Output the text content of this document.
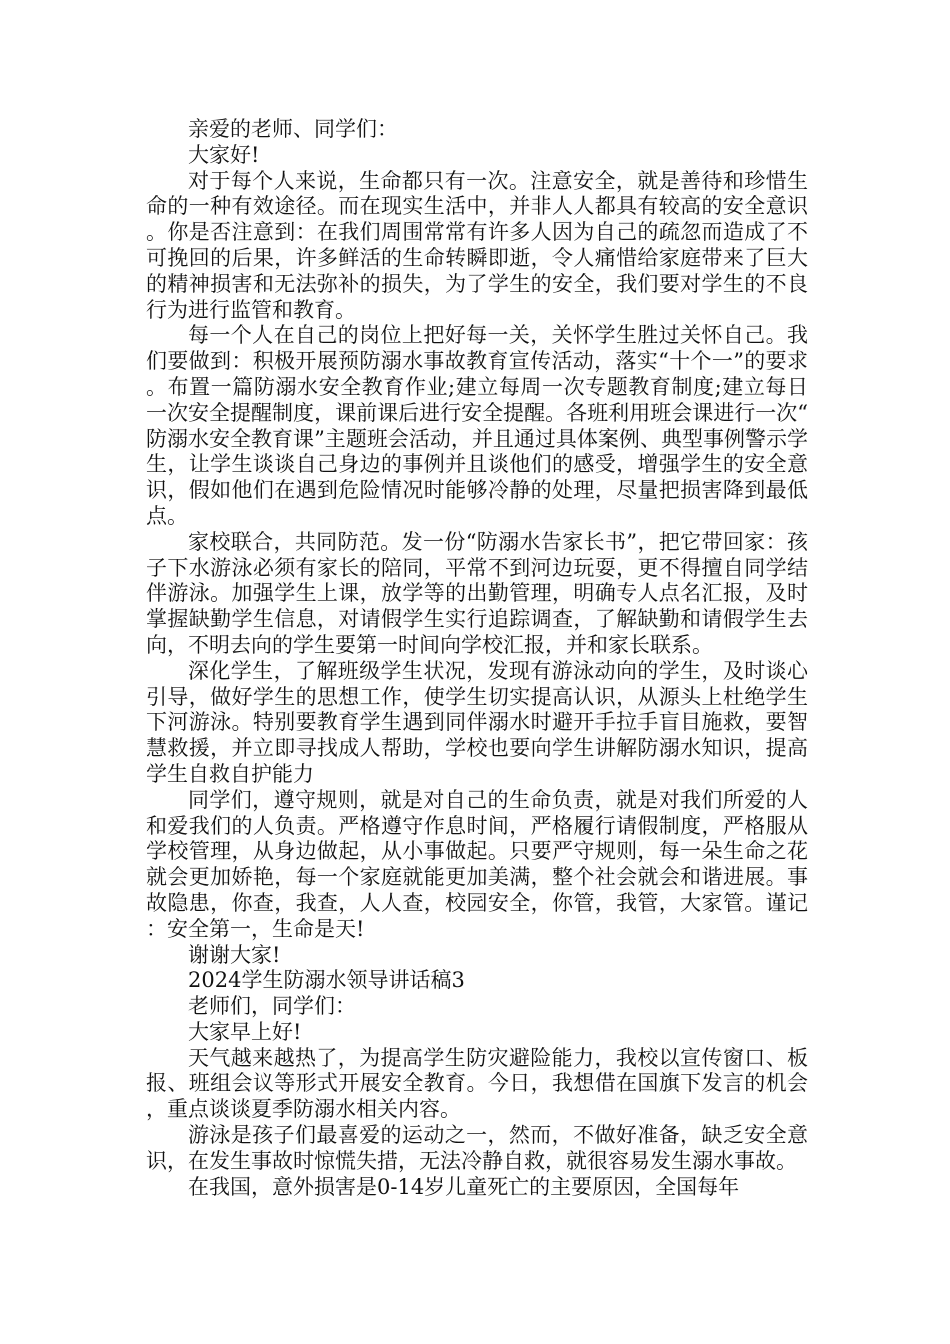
亲爱的老师、同学们：

大家好!

对于每个人来说，生命都只有一次。注意安全，就是善待和珍惜生命的一种有效途径。而在现实生活中，并非人人都具有较高的安全意识。你是否注意到：在我们周围常常有许多人因为自己的疏忽而造成了不可挽回的后果，许多鲜活的生命转瞬即逝，令人痛惜给家庭带来了巨大的精神损害和无法弥补的损失，为了学生的安全，我们要对学生的不良行为进行监管和教育。

每一个人在自己的岗位上把好每一关，关怀学生胜过关怀自己。我们要做到：积极开展预防溺水事故教育宣传活动，落实“十个一”的要求。布置一篇防溺水安全教育作业;建立每周一次专题教育制度;建立每日一次安全提醒制度，课前课后进行安全提醒。各班利用班会课进行一次“防溺水安全教育课”主题班会活动，并且通过具体案例、典型事例警示学生，让学生谈谈自己身边的事例并且谈他们的感受，增强学生的安全意识，假如他们在遇到危险情况时能够冷静的处理，尽量把损害降到最低点。

家校联合，共同防范。发一份“防溺水告家长书”，把它带回家：孩子下水游泳必须有家长的陪同，平常不到河边玩耍，更不得擅自同学结伴游泳。加强学生上课，放学等的出勤管理，明确专人点名汇报，及时掌握缺勤学生信息，对请假学生实行追踪调查，了解缺勤和请假学生去向，不明去向的学生要第一时间向学校汇报，并和家长联系。

深化学生，了解班级学生状况，发现有游泳动向的学生，及时谈心引导，做好学生的思想工作，使学生切实提高认识，从源头上杜绝学生下河游泳。特别要教育学生遇到同伴溺水时避开手拉手盲目施救，要智慧救援，并立即寻找成人帮助，学校也要向学生讲解防溺水知识，提高学生自救自护能力

同学们，遵守规则，就是对自己的生命负责，就是对我们所爱的人和爱我们的人负责。严格遵守作息时间，严格履行请假制度，严格服从学校管理，从身边做起，从小事做起。只要严守规则，每一朵生命之花就会更加娇艳，每一个家庭就能更加美满，整个社会就会和谐进展。事故隐患，你查，我查，人人查，校园安全，你管，我管，大家管。谨记：安全第一，生命是天!

谢谢大家!

2024学生防溺水领导讲话稿3

老师们，同学们：

大家早上好!

天气越来越热了，为提高学生防灾避险能力，我校以宣传窗口、板报、班组会议等形式开展安全教育。今日，我想借在国旗下发言的机会，重点谈谈夏季防溺水相关内容。

游泳是孩子们最喜爱的运动之一，然而，不做好准备，缺乏安全意识，在发生事故时惊慌失措，无法冷静自救，就很容易发生溺水事故。

在我国，意外损害是0-14岁儿童死亡的主要原因，全国每年
